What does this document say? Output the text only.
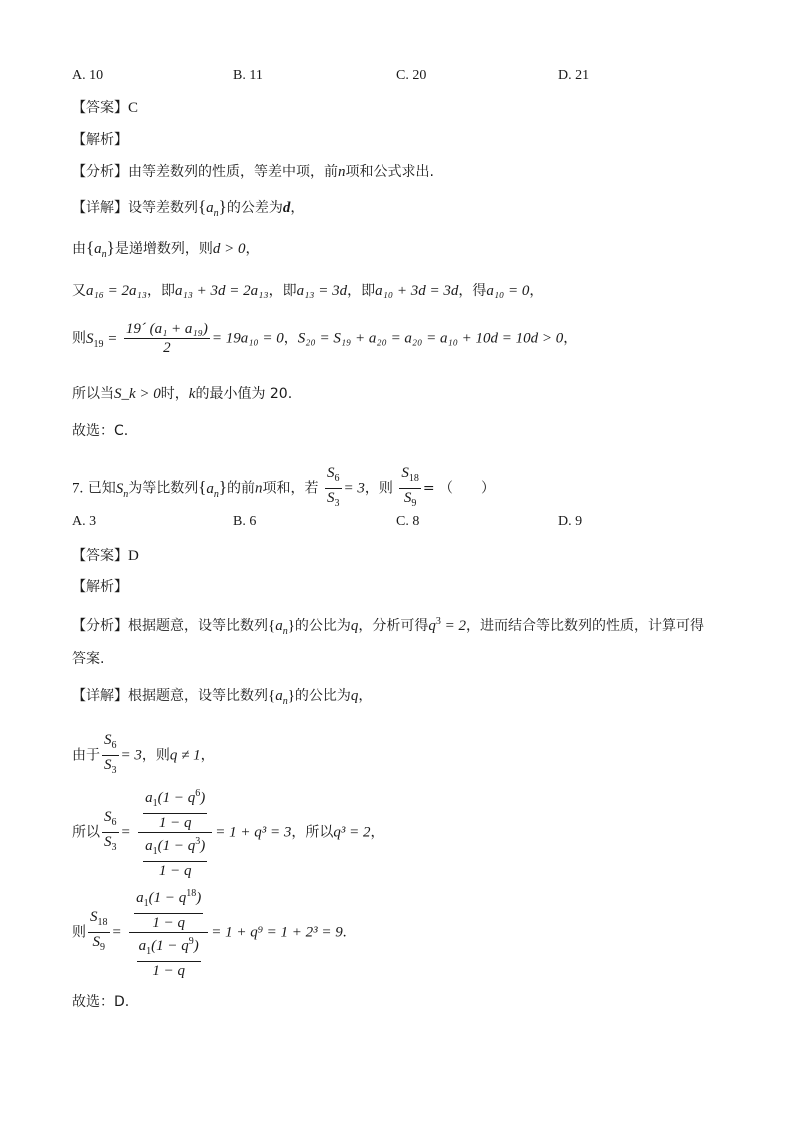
A. 10	B. 11	C. 20	D. 21
【答案】C
【解析】
【分析】由等差数列的性质，等差中项，前n项和公式求出.
【详解】设等差数列$\{a_n\}$的公差为d，
由$\{a_n\}$是递增数列，则d > 0，
又a₁₆ = 2a₁₃，即a₁₃ + 3d = 2a₁₃，即a₁₃ = 3d，即a₁₀ + 3d = 3d，得a₁₀ = 0，
则$S_{19} = \frac{\text{19´ (a₁ + a₁₉)}}{2} = 19a_{10} = 0$，S₂₀ = S₁₉ + a₂₀ = a₂₀ = a₁₀ + 10d = 10d > 0，
所以当S_k > 0时，k的最小值为 20.
故选：C.
7. 已知$S_n$为等比数列$\{a_n\}$的前n项和，若 $\frac{S_6}{S_3} = 3$，则 $\frac{S_{18}}{S_9}$ = （　　）
A. 3	B. 6	C. 8	D. 9
【答案】D
【解析】
【分析】根据题意，设等比数列$\{a_n\}$的公比为q，分析可得$q^3 = 2$，进而结合等比数列的性质，计算可得
答案.
【详解】根据题意，设等比数列$\{a_n\}$的公比为q，
由于 $\frac{S_6}{S_3} = 3$，则q ≠ 1，
所以 $\frac{S_6}{S_3} = \frac{\frac{a_1(1 - q^6)}{1 - q}}{\frac{a_1(1 - q^3)}{1 - q}} = 1 + q^3 = 3$，所以q³ = 2，
则 $\frac{S_{18}}{S_9} = \frac{\frac{a_1(1 - q^{18})}{1 - q}}{\frac{a_1(1 - q^9)}{1 - q}} = 1 + q^9 = 1 + 2^3 = 9$.
故选：D.
